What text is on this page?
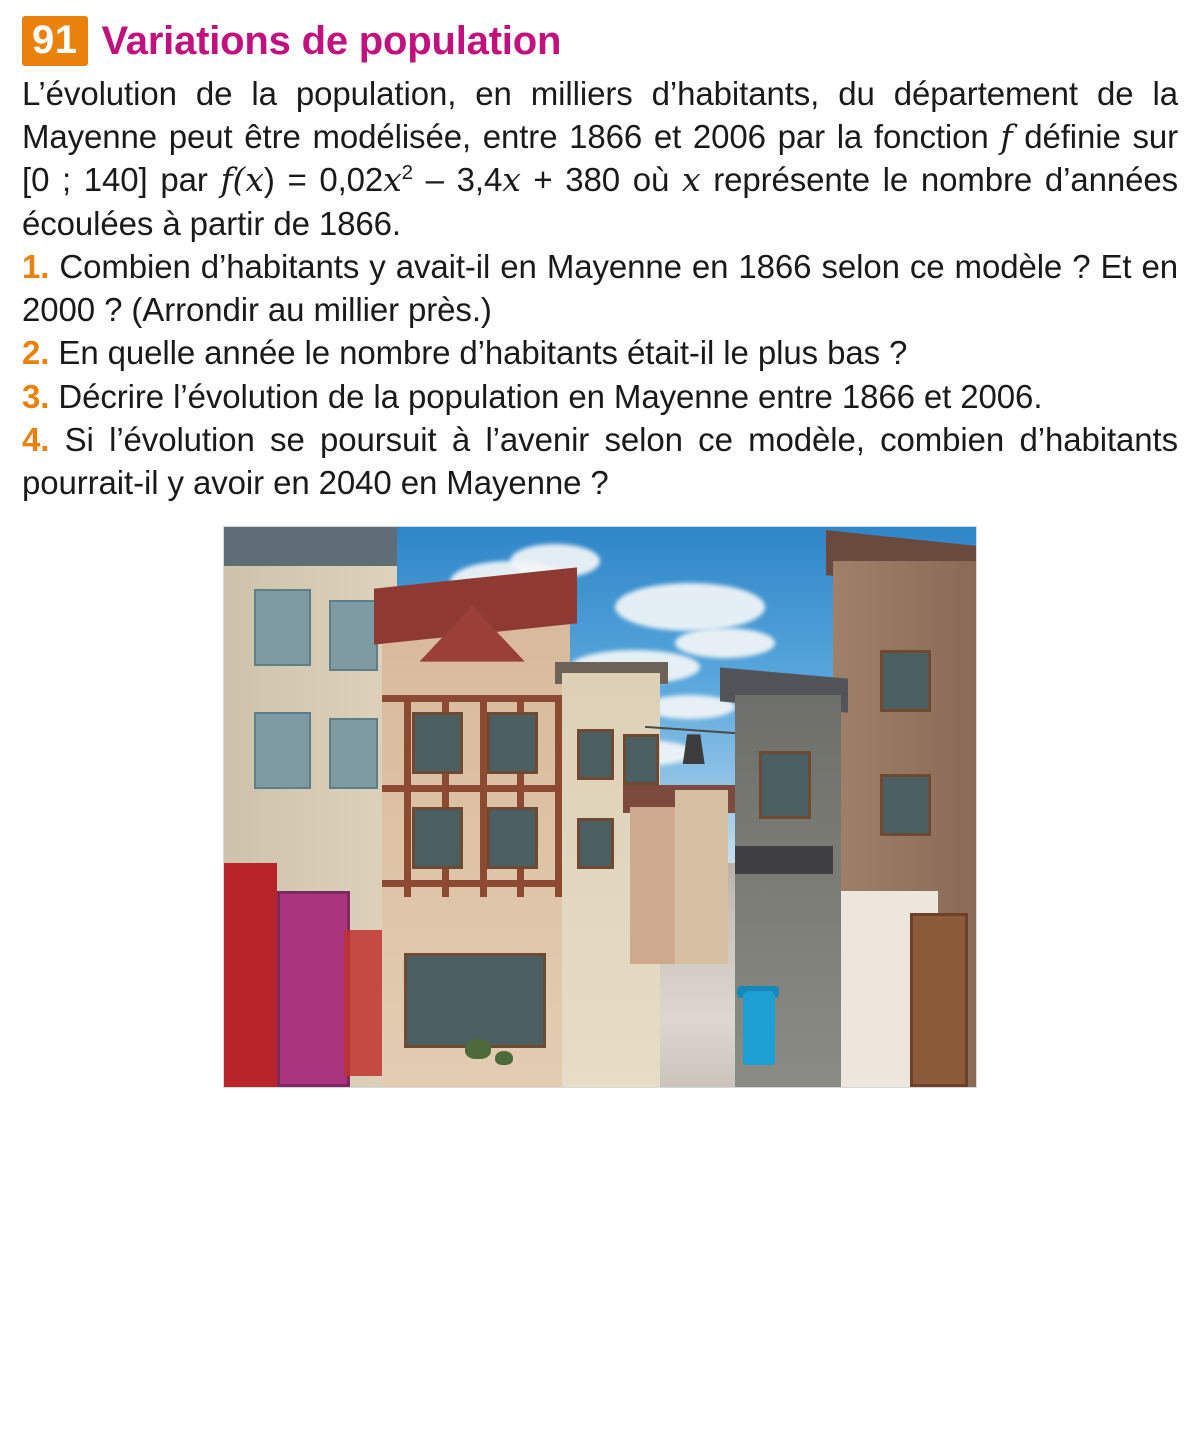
91 Variations de population

L’évolution de la population, en milliers d’habitants, du département de la Mayenne peut être modélisée, entre 1866 et 2006 par la fonction f définie sur [0 ; 140] par $f(x) = 0,02x^2 - 3,4x + 380$ où x représente le nombre d’années écoulées à partir de 1866.

1. Combien d’habitants y avait-il en Mayenne en 1866 selon ce modèle ? Et en 2000 ? (Arrondir au millier près.)

2. En quelle année le nombre d’habitants était-il le plus bas ?

3. Décrire l’évolution de la population en Mayenne entre 1866 et 2006.

4. Si l’évolution se poursuit à l’avenir selon ce modèle, combien d’habitants pourrait-il y avoir en 2040 en Mayenne ?
